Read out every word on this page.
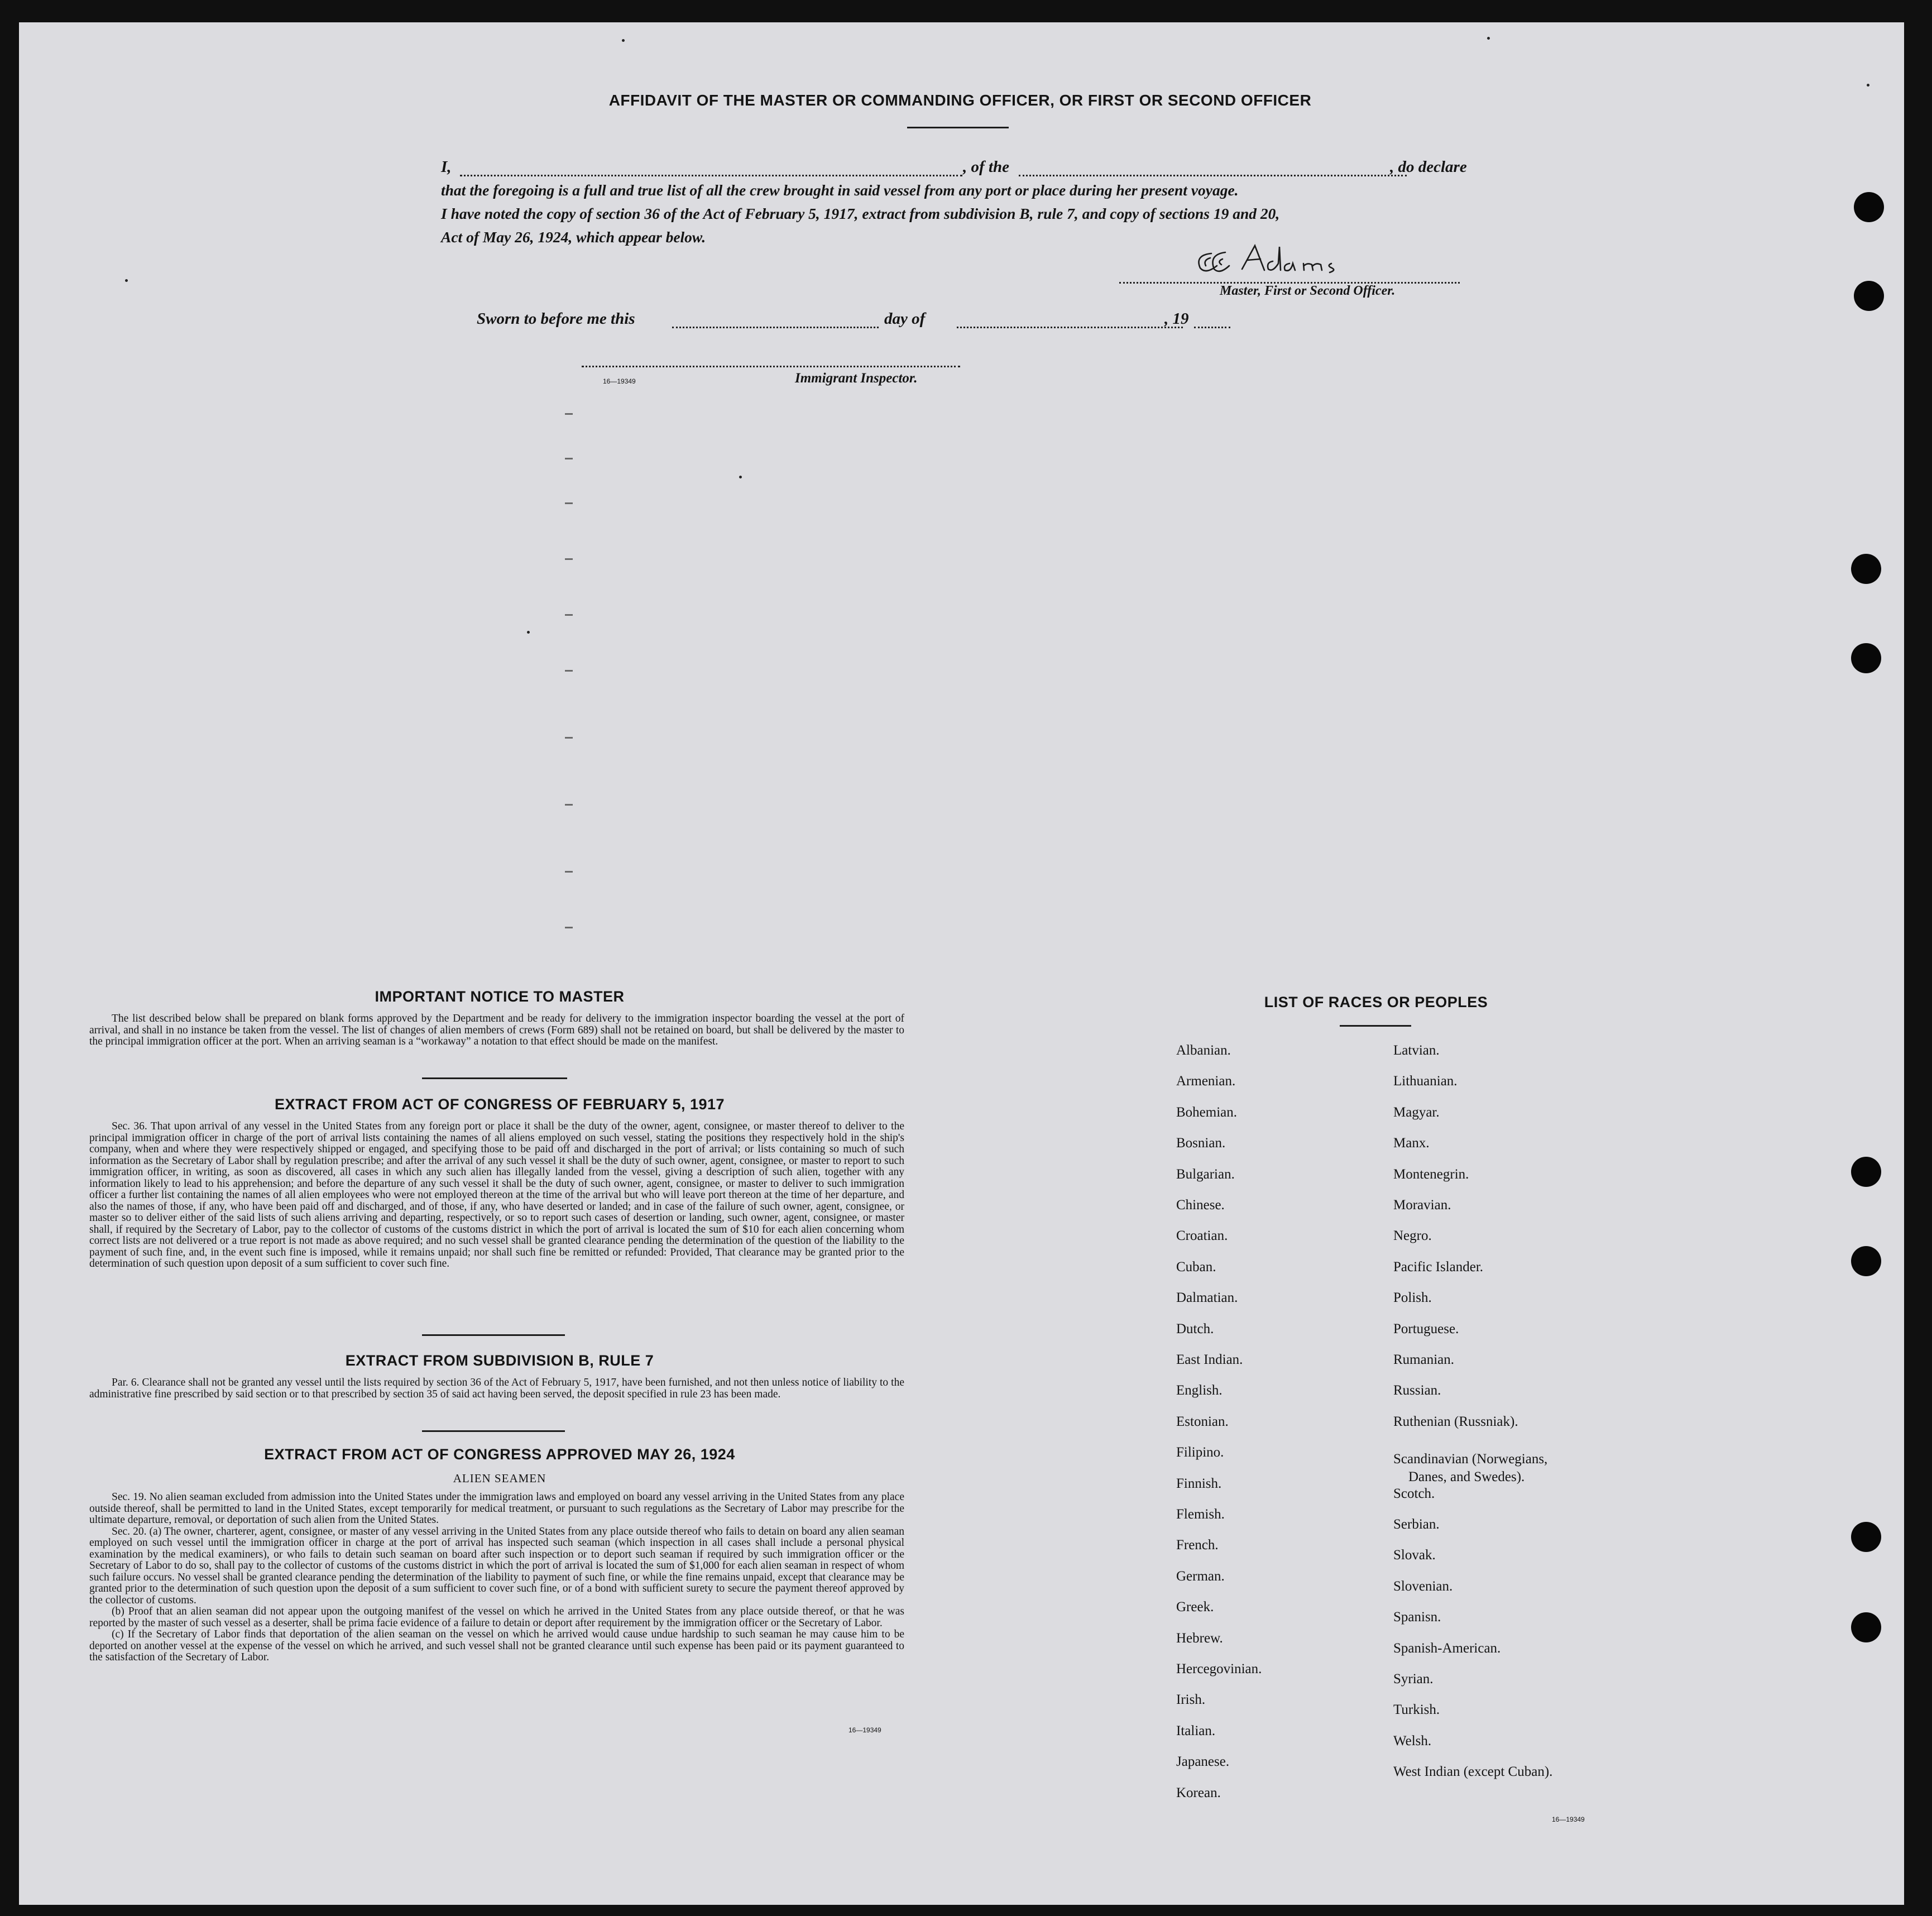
AFFIDAVIT OF THE MASTER OR COMMANDING OFFICER, OR FIRST OR SECOND OFFICER
I,	, of the	, do declare
that the foregoing is a full and true list of all the crew brought in said vessel from any port or place during her present voyage.
I have noted the copy of section 36 of the Act of February 5, 1917, extract from subdivision B, rule 7, and copy of sections 19 and 20,
Act of May 26, 1924, which appear below.
Master, First or Second Officer.
Sworn to before me this	day of	, 19
16—19349	Immigrant Inspector.
IMPORTANT NOTICE TO MASTER

The list described below shall be prepared on blank forms approved by the Department and be ready for delivery to the immigration inspector boarding the vessel at the port of arrival, and shall in no instance be taken from the vessel. The list of changes of alien members of crews (Form 689) shall not be retained on board, but shall be delivered by the master to the principal immigration officer at the port. When an arriving seaman is a “workaway” a notation to that effect should be made on the manifest.

EXTRACT FROM ACT OF CONGRESS OF FEBRUARY 5, 1917

Sec. 36. That upon arrival of any vessel in the United States from any foreign port or place it shall be the duty of the owner, agent, consignee, or master thereof to deliver to the principal immigration officer in charge of the port of arrival lists containing the names of all aliens employed on such vessel, stating the positions they respectively hold in the ship's company, when and where they were respectively shipped or engaged, and specifying those to be paid off and discharged in the port of arrival; or lists containing so much of such information as the Secretary of Labor shall by regulation prescribe; and after the arrival of any such vessel it shall be the duty of such owner, agent, consignee, or master to report to such immigration officer, in writing, as soon as discovered, all cases in which any such alien has illegally landed from the vessel, giving a description of such alien, together with any information likely to lead to his apprehension; and before the departure of any such vessel it shall be the duty of such owner, agent, consignee, or master to deliver to such immigration officer a further list containing the names of all alien employees who were not employed thereon at the time of the arrival but who will leave port thereon at the time of her departure, and also the names of those, if any, who have been paid off and discharged, and of those, if any, who have deserted or landed; and in case of the failure of such owner, agent, consignee, or master so to deliver either of the said lists of such aliens arriving and departing, respectively, or so to report such cases of desertion or landing, such owner, agent, consignee, or master shall, if required by the Secretary of Labor, pay to the collector of customs of the customs district in which the port of arrival is located the sum of $10 for each alien concerning whom correct lists are not delivered or a true report is not made as above required; and no such vessel shall be granted clearance pending the determination of the question of the liability to the payment of such fine, and, in the event such fine is imposed, while it remains unpaid; nor shall such fine be remitted or refunded: Provided, That clearance may be granted prior to the determination of such question upon deposit of a sum sufficient to cover such fine.

EXTRACT FROM SUBDIVISION B, RULE 7

Par. 6. Clearance shall not be granted any vessel until the lists required by section 36 of the Act of February 5, 1917, have been furnished, and not then unless notice of liability to the administrative fine prescribed by said section or to that prescribed by section 35 of said act having been served, the deposit specified in rule 23 has been made.

EXTRACT FROM ACT OF CONGRESS APPROVED MAY 26, 1924
ALIEN SEAMEN

Sec. 19. No alien seaman excluded from admission into the United States under the immigration laws and employed on board any vessel arriving in the United States from any place outside thereof, shall be permitted to land in the United States, except temporarily for medical treatment, or pursuant to such regulations as the Secretary of Labor may prescribe for the ultimate departure, removal, or deportation of such alien from the United States.

Sec. 20. (a) The owner, charterer, agent, consignee, or master of any vessel arriving in the United States from any place outside thereof who fails to detain on board any alien seaman employed on such vessel until the immigration officer in charge at the port of arrival has inspected such seaman (which inspection in all cases shall include a personal physical examination by the medical examiners), or who fails to detain such seaman on board after such inspection or to deport such seaman if required by such immigration officer or the Secretary of Labor to do so, shall pay to the collector of customs of the customs district in which the port of arrival is located the sum of $1,000 for each alien seaman in respect of whom such failure occurs. No vessel shall be granted clearance pending the determination of the liability to payment of such fine, or while the fine remains unpaid, except that clearance may be granted prior to the determination of such question upon the deposit of a sum sufficient to cover such fine, or of a bond with sufficient surety to secure the payment thereof approved by the collector of customs.

(b) Proof that an alien seaman did not appear upon the outgoing manifest of the vessel on which he arrived in the United States from any place outside thereof, or that he was reported by the master of such vessel as a deserter, shall be prima facie evidence of a failure to detain or deport after requirement by the immigration officer or the Secretary of Labor.

(c) If the Secretary of Labor finds that deportation of the alien seaman on the vessel on which he arrived would cause undue hardship to such seaman he may cause him to be deported on another vessel at the expense of the vessel on which he arrived, and such vessel shall not be granted clearance until such expense has been paid or its payment guaranteed to the satisfaction of the Secretary of Labor.

16—19349
LIST OF RACES OR PEOPLES
16—19349
Albanian.
Armenian.
Bohemian.
Bosnian.
Bulgarian.
Chinese.
Croatian.
Cuban.
Dalmatian.
Dutch.
East Indian.
English.
Estonian.
Filipino.
Finnish.
Flemish.
French.
German.
Greek.
Hebrew.
Hercegovinian.
Irish.
Italian.
Japanese.
Korean.
Latvian.
Lithuanian.
Magyar.
Manx.
Montenegrin.
Moravian.
Negro.
Pacific Islander.
Polish.
Portuguese.
Rumanian.
Russian.
Ruthenian (Russniak).
Scandinavian (Norwegians,
Danes, and Swedes).
Scotch.
Serbian.
Slovak.
Slovenian.
Spanisn.
Spanish-American.
Syrian.
Turkish.
Welsh.
West Indian (except Cuban).
